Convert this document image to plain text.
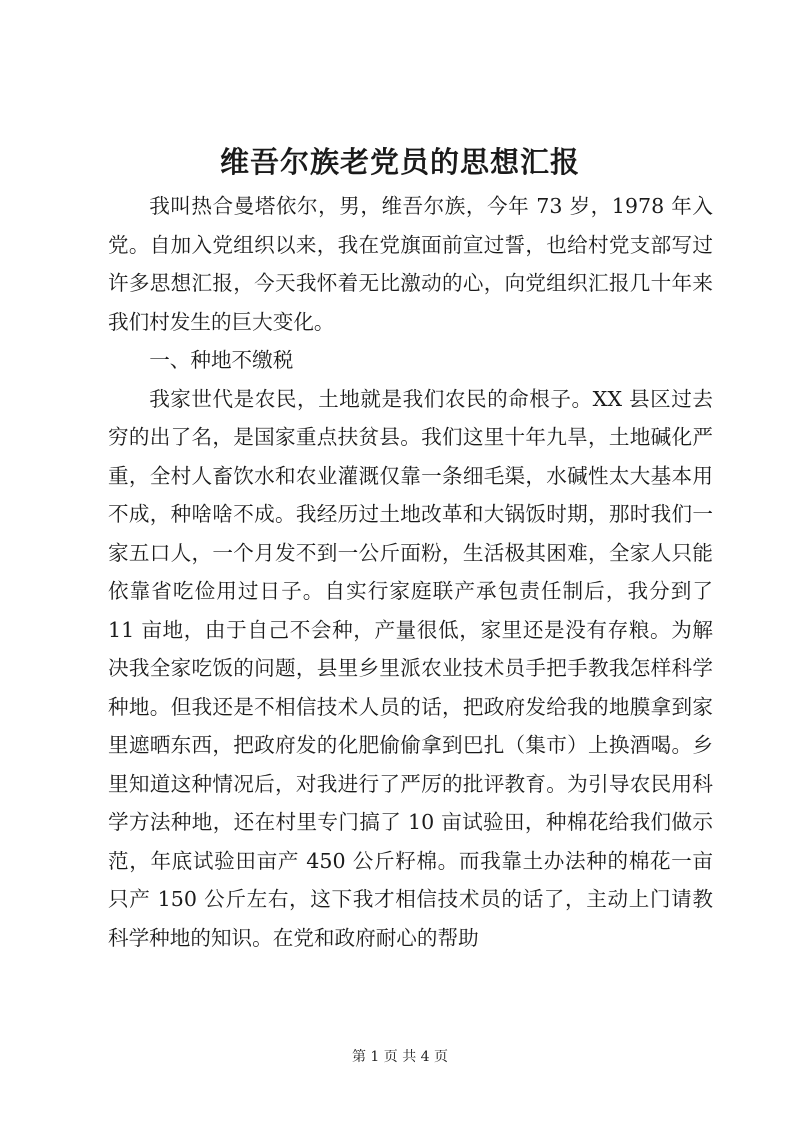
维吾尔族老党员的思想汇报

我叫热合曼塔依尔，男，维吾尔族，今年 73 岁，1978 年入党。自加入党组织以来，我在党旗面前宣过誓，也给村党支部写过许多思想汇报，今天我怀着无比激动的心，向党组织汇报几十年来我们村发生的巨大变化。

一、种地不缴税

我家世代是农民，土地就是我们农民的命根子。XX 县区过去穷的出了名，是国家重点扶贫县。我们这里十年九旱，土地碱化严重，全村人畜饮水和农业灌溉仅靠一条细毛渠，水碱性太大基本用不成，种啥啥不成。我经历过土地改革和大锅饭时期，那时我们一家五口人，一个月发不到一公斤面粉，生活极其困难，全家人只能依靠省吃俭用过日子。自实行家庭联产承包责任制后，我分到了 11 亩地，由于自己不会种，产量很低，家里还是没有存粮。为解决我全家吃饭的问题，县里乡里派农业技术员手把手教我怎样科学种地。但我还是不相信技术人员的话，把政府发给我的地膜拿到家里遮晒东西，把政府发的化肥偷偷拿到巴扎（集市）上换酒喝。乡里知道这种情况后，对我进行了严厉的批评教育。为引导农民用科学方法种地，还在村里专门搞了 10 亩试验田，种棉花给我们做示范，年底试验田亩产 450 公斤籽棉。而我靠土办法种的棉花一亩只产 150 公斤左右，这下我才相信技术员的话了，主动上门请教科学种地的知识。在党和政府耐心的帮助

第 1 页 共 4 页
